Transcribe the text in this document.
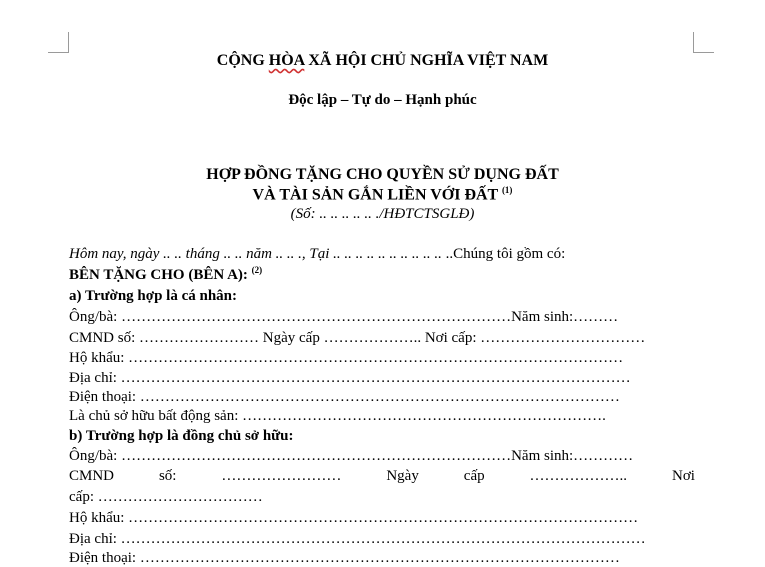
CỘNG HÒA XÃ HỘI CHỦ NGHĨA VIỆT NAM
Độc lập – Tự do – Hạnh phúc
HỢP ĐỒNG TẶNG CHO QUYỀN SỬ DỤNG ĐẤT
VÀ TÀI SẢN GẮN LIỀN VỚI ĐẤT $^{(1)}$
(Số: .. .. .. .. .. ./HĐTCTSGLĐ)
Hôm nay, ngày .. .. tháng .. .. năm .. .. ., Tại .. .. .. .. .. .. .. .. .. .. ..Chúng tôi gồm có:
BÊN TẶNG CHO (BÊN A): $^{(2)}$
a) Trường hợp là cá nhân:
Ông/bà: ……………………………………………………………………Năm sinh:………
CMND số: …………………… Ngày cấp ……………….. Nơi cấp: ……………………………
Hộ khẩu: ………………………………………………………………………………………
Địa chỉ: …………………………………………………………………………………………
Điện thoại: ……………………………………………………………………………………
Là chủ sở hữu bất động sản: ……………………………………………………………….
b) Trường hợp là đồng chủ sở hữu:
Ông/bà: ……………………………………………………………………Năm sinh:…………
CMND	số:	……………………	Ngày	cấp	………………..	Nơi
cấp: ……………………………
Hộ khẩu: …………………………………………………………………………………………
Địa chỉ: ……………………………………………………………………………………………
Điện thoại: ……………………………………………………………………………………
